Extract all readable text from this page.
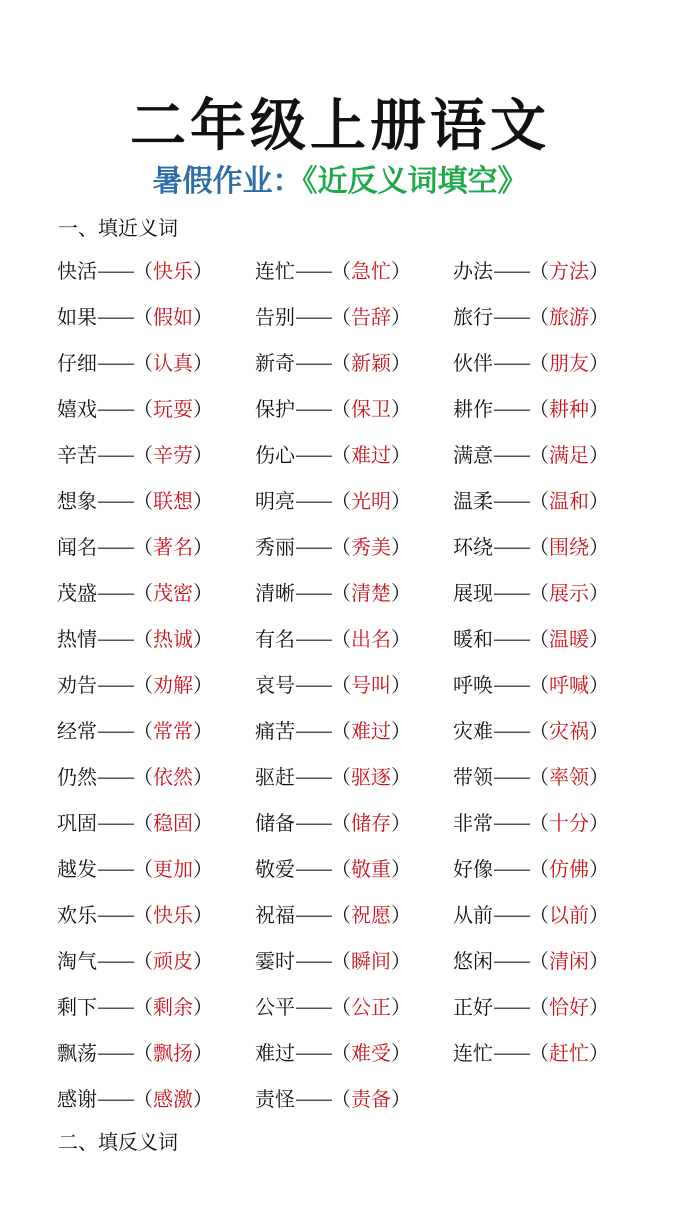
二年级上册语文
暑假作业：《近反义词填空》
一、填近义词
快活——（快乐） 连忙——（急忙） 办法——（方法）
如果——（假如） 告别——（告辞） 旅行——（旅游）
仔细——（认真） 新奇——（新颖） 伙伴——（朋友）
嬉戏——（玩耍） 保护——（保卫） 耕作——（耕种）
辛苦——（辛劳） 伤心——（难过） 满意——（满足）
想象——（联想） 明亮——（光明） 温柔——（温和）
闻名——（著名） 秀丽——（秀美） 环绕——（围绕）
茂盛——（茂密） 清晰——（清楚） 展现——（展示）
热情——（热诚） 有名——（出名） 暖和——（温暖）
劝告——（劝解） 哀号——（号叫） 呼唤——（呼喊）
经常——（常常） 痛苦——（难过） 灾难——（灾祸）
仍然——（依然） 驱赶——（驱逐） 带领——（率领）
巩固——（稳固） 储备——（储存） 非常——（十分）
越发——（更加） 敬爱——（敬重） 好像——（仿佛）
欢乐——（快乐） 祝福——（祝愿） 从前——（以前）
淘气——（顽皮） 霎时——（瞬间） 悠闲——（清闲）
剩下——（剩余） 公平——（公正） 正好——（恰好）
飘荡——（飘扬） 难过——（难受） 连忙——（赶忙）
感谢——（感激） 责怪——（责备）
二、填反义词
